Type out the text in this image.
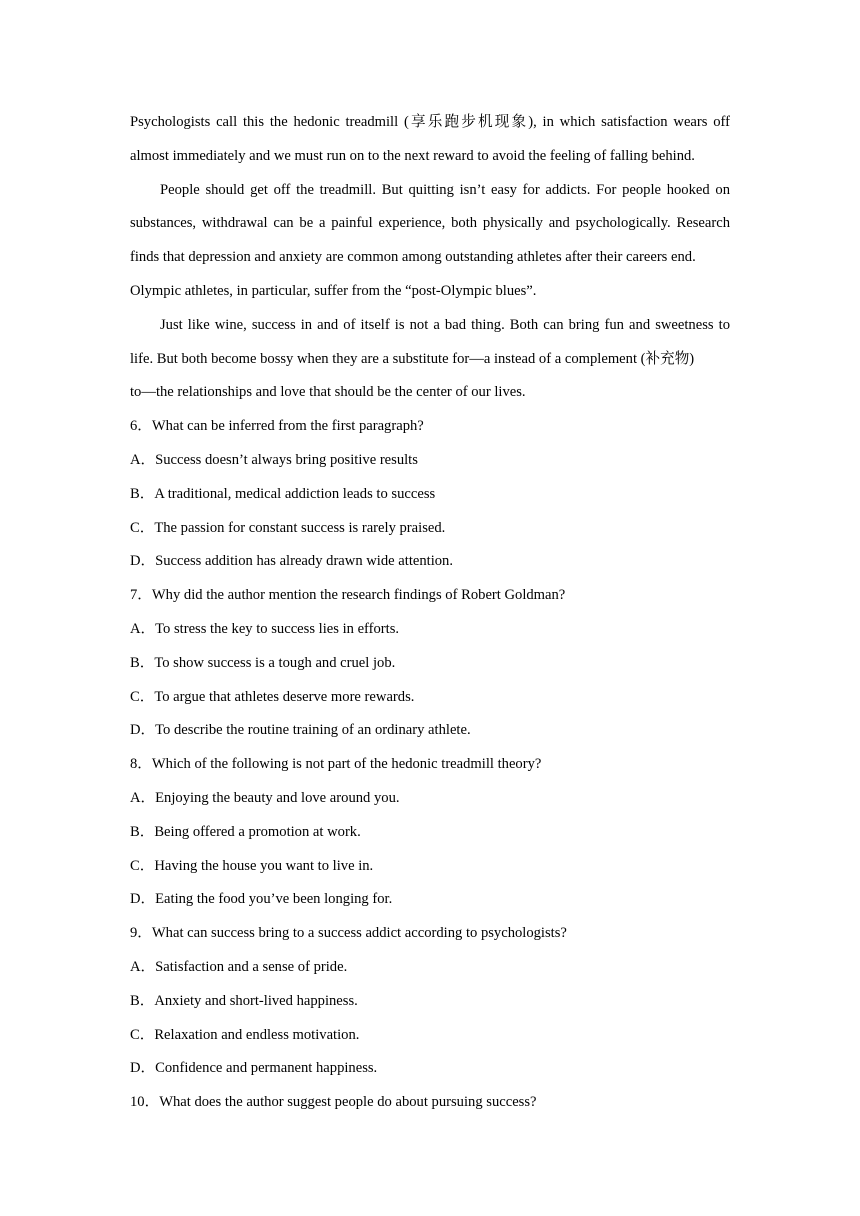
Psychologists call this the hedonic treadmill (享乐跑步机现象), in which satisfaction wears off
almost immediately and we must run on to the next reward to avoid the feeling of falling behind.
People should get off the treadmill. But quitting isn’t easy for addicts. For people hooked on
substances, withdrawal can be a painful experience, both physically and psychologically. Research
finds that depression and anxiety are common among outstanding athletes after their careers end.
Olympic athletes, in particular, suffer from the “post-Olympic blues”.
Just like wine, success in and of itself is not a bad thing. Both can bring fun and sweetness to
life. But both become bossy when they are a substitute for—a instead of a complement (补充物)
to—the relationships and love that should be the center of our lives.
6．What can be inferred from the first paragraph?
A．Success doesn’t always bring positive results
B．A traditional, medical addiction leads to success
C．The passion for constant success is rarely praised.
D．Success addition has already drawn wide attention.
7．Why did the author mention the research findings of Robert Goldman?
A．To stress the key to success lies in efforts.
B．To show success is a tough and cruel job.
C．To argue that athletes deserve more rewards.
D．To describe the routine training of an ordinary athlete.
8．Which of the following is not part of the hedonic treadmill theory?
A．Enjoying the beauty and love around you.
B．Being offered a promotion at work.
C．Having the house you want to live in.
D．Eating the food you’ve been longing for.
9．What can success bring to a success addict according to psychologists?
A．Satisfaction and a sense of pride.
B．Anxiety and short-lived happiness.
C．Relaxation and endless motivation.
D．Confidence and permanent happiness.
10．What does the author suggest people do about pursuing success?
